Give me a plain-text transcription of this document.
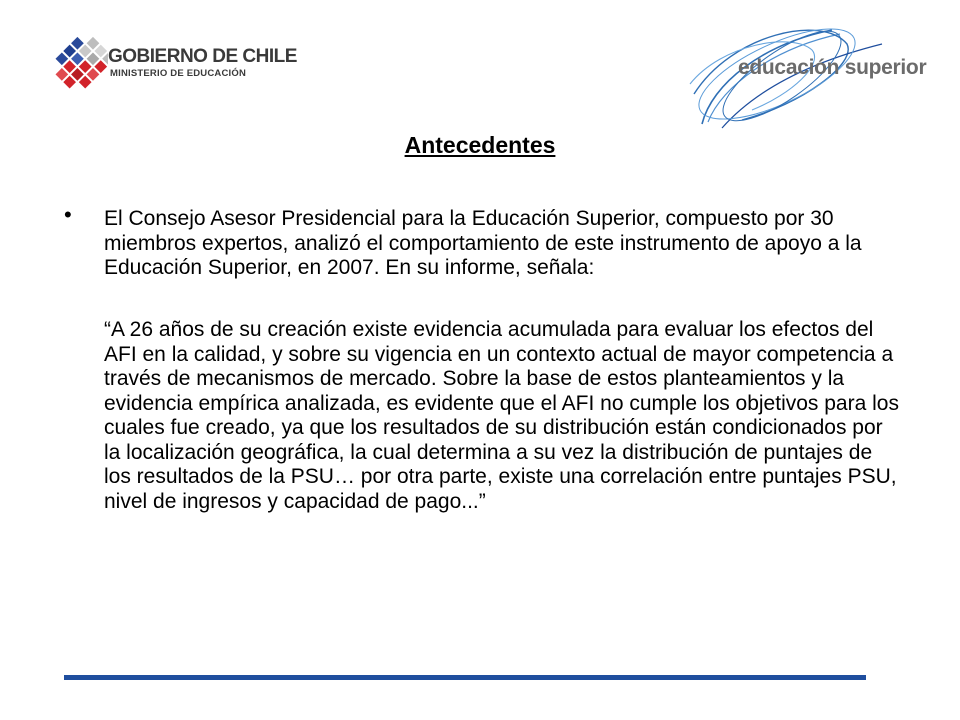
GOBIERNO DE CHILE
MINISTERIO DE EDUCACIÓN	educación superior
Antecedentes
• El Consejo Asesor Presidencial para la Educación Superior, compuesto por 30 miembros expertos, analizó el comportamiento de este instrumento de apoyo a la Educación Superior, en 2007. En su informe, señala:

“A 26 años de su creación existe evidencia acumulada para evaluar los efectos del AFI en la calidad, y sobre su vigencia en un contexto actual de mayor competencia a través de mecanismos de mercado. Sobre la base de estos planteamientos y la evidencia empírica analizada, es evidente que el AFI no cumple los objetivos para los cuales fue creado, ya que los resultados de su distribución están condicionados por la localización geográfica, la cual determina a su vez la distribución de puntajes de los resultados de la PSU… por otra parte, existe una correlación entre puntajes PSU, nivel de ingresos y capacidad de pago...”
